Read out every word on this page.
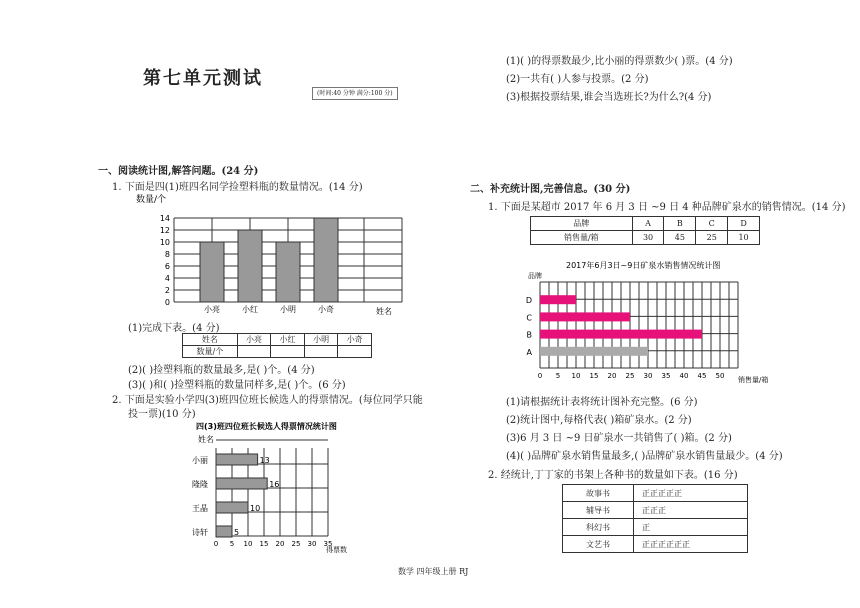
第七单元测试
(时间:40 分钟 满分:100 分)
一、阅读统计图,解答问题。(24 分)
1. 下面是四(1)班四名同学捡塑料瓶的数量情况。(14 分)
数量/个
0
2
4
6
8
10
12
14
小亮	小红	小明	小奇	姓名
(1)完成下表。(4 分)
姓名	小亮	小红	小明	小奇
数量/个				
(2)( )捡塑料瓶的数量最多,是( )个。(4 分)
(3)( )和( )捡塑料瓶的数量同样多,是( )个。(6 分)
2. 下面是实验小学四(3)班四位班长候选人的得票情况。(每位同学只能
投一票)(10 分)
四(3)班四位班长候选人得票情况统计图
姓名
13
16
10
5
小丽
隆隆
王晶
诗轩
0 5 10 15 20 25 30 35
得票数
(1)( )的得票数最少,比小丽的得票数少( )票。(4 分)
(2)一共有( )人参与投票。(2 分)
(3)根据投票结果,谁会当选班长?为什么?(4 分)
二、补充统计图,完善信息。(30 分)
1. 下面是某超市 2017 年 6 月 3 日 ~9 日 4 种品牌矿泉水的销售情况。(14 分)
品牌	A	B	C	D
销售量/箱	30	45	25	10
2017年6月3日~9日矿泉水销售情况统计图
品牌
D
C
B
A
0 5 10 15 20 25 30 35 40 45 50 销售量/箱
(1)请根据统计表将统计图补充完整。(6 分)
(2)统计图中,每格代表( )箱矿泉水。(2 分)
(3)6 月 3 日 ~9 日矿泉水一共销售了( )箱。(2 分)
(4)( )品牌矿泉水销售量最多,( )品牌矿泉水销售量最少。(4 分)
2. 经统计,丁丁家的书架上各种书的数量如下表。(16 分)
故事书	正正正正正
辅导书	正正正
科幻书	正
文艺书	正正正正正正
数学 四年级上册 RJ
